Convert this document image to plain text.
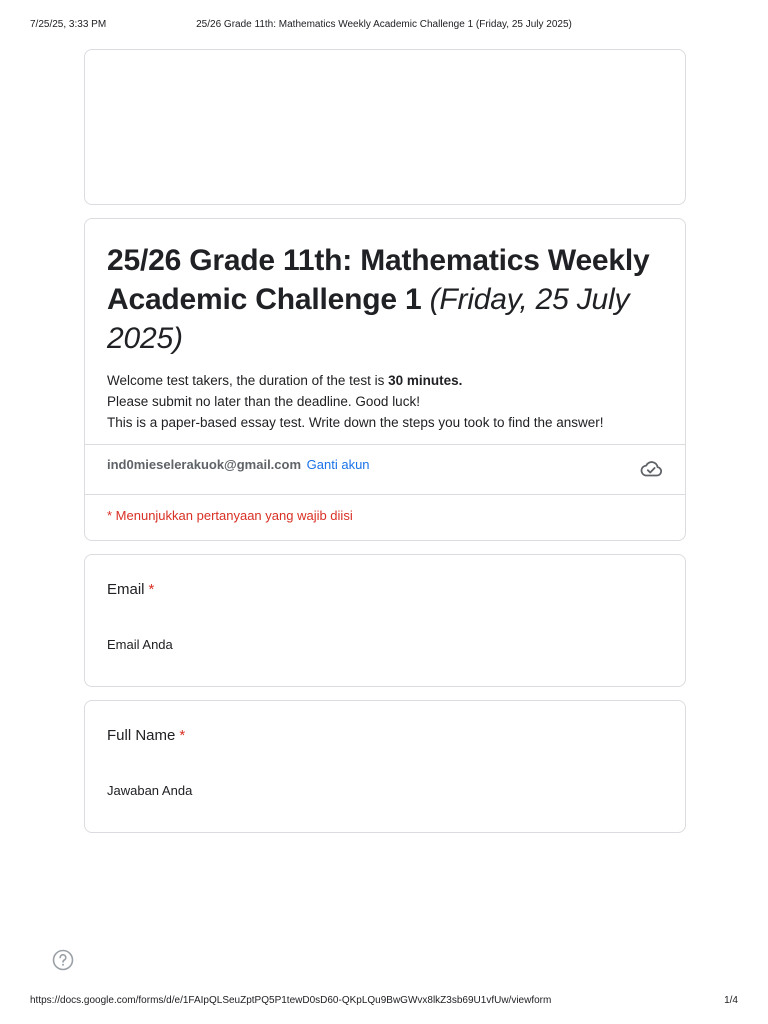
7/25/25, 3:33 PM	25/26 Grade 11th: Mathematics Weekly Academic Challenge 1 (Friday, 25 July 2025)
25/26 Grade 11th: Mathematics Weekly Academic Challenge 1 (Friday, 25 July 2025)

Welcome test takers, the duration of the test is 30 minutes.

Please submit no later than the deadline. Good luck!

This is a paper-based essay test. Write down the steps you took to find the answer!

ind0mieselerakuok@gmail.com Ganti akun
* Menunjukkan pertanyaan yang wajib diisi
Email *
Email Anda
Full Name *
Jawaban Anda
https://docs.google.com/forms/d/e/1FAIpQLSeuZptPQ5P1tewD0sD60-QKpLQu9BwGWvx8lkZ3sb69U1vfUw/viewform	1/4
